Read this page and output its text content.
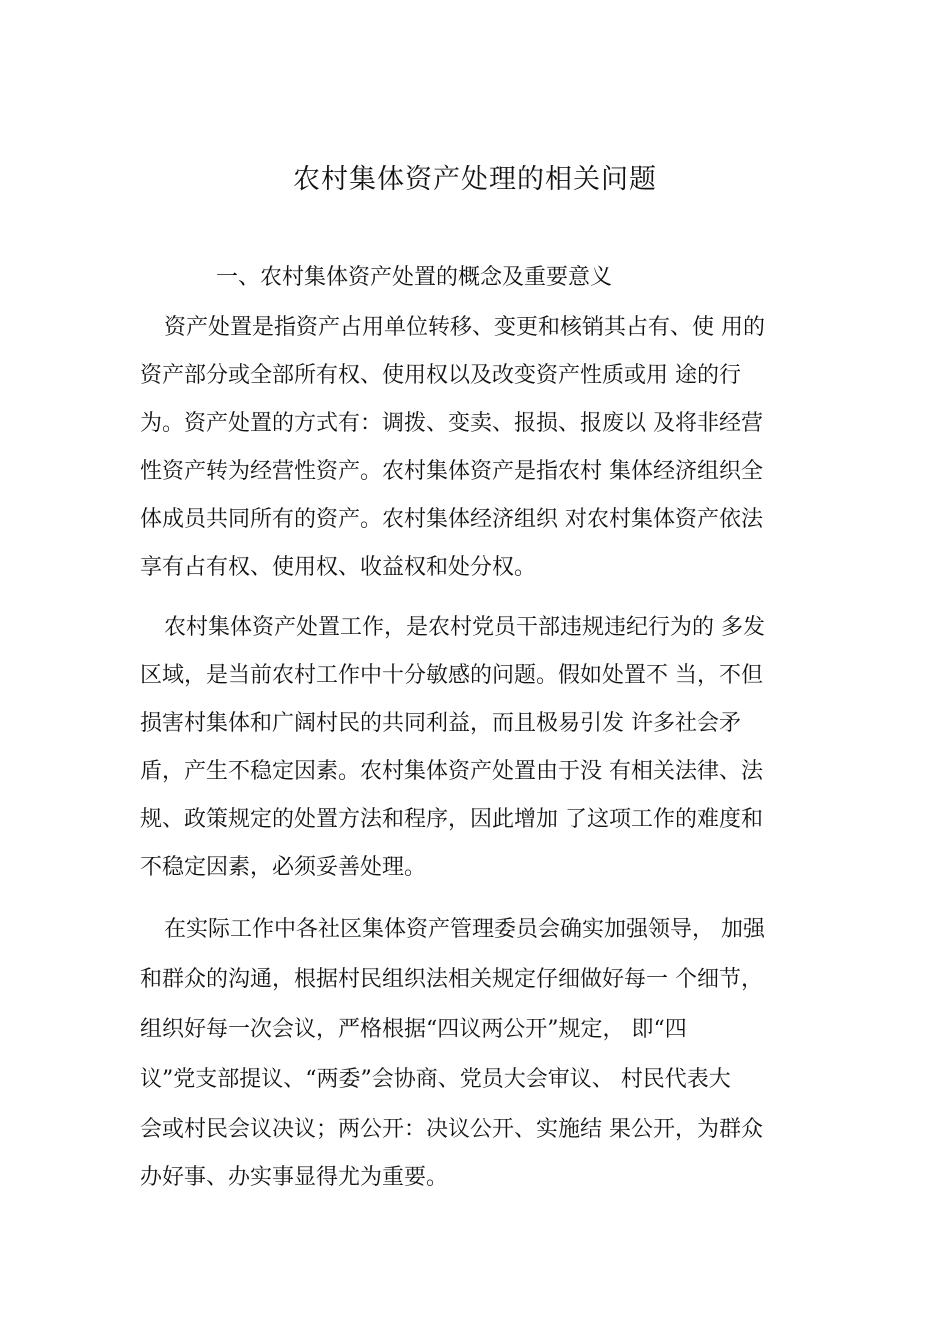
农村集体资产处理的相关问题
一、农村集体资产处置的概念及重要意义
资产处置是指资产占用单位转移、变更和核销其占有、使 用的
资产部分或全部所有权、使用权以及改变资产性质或用 途的行
为。资产处置的方式有：调拨、变卖、报损、报废以 及将非经营
性资产转为经营性资产。农村集体资产是指农村 集体经济组织全
体成员共同所有的资产。农村集体经济组织 对农村集体资产依法
享有占有权、使用权、收益权和处分权。
农村集体资产处置工作，是农村党员干部违规违纪行为的 多发
区域，是当前农村工作中十分敏感的问题。假如处置不 当，不但
损害村集体和广阔村民的共同利益，而且极易引发 许多社会矛
盾，产生不稳定因素。农村集体资产处置由于没 有相关法律、法
规、政策规定的处置方法和程序，因此增加 了这项工作的难度和
不稳定因素，必须妥善处理。
在实际工作中各社区集体资产管理委员会确实加强领导， 加强
和群众的沟通，根据村民组织法相关规定仔细做好每一 个细节，
组织好每一次会议，严格根据“四议两公开”规定， 即“四
议”党支部提议、“两委”会协商、党员大会审议、 村民代表大
会或村民会议决议；两公开：决议公开、实施结 果公开，为群众
办好事、办实事显得尤为重要。
